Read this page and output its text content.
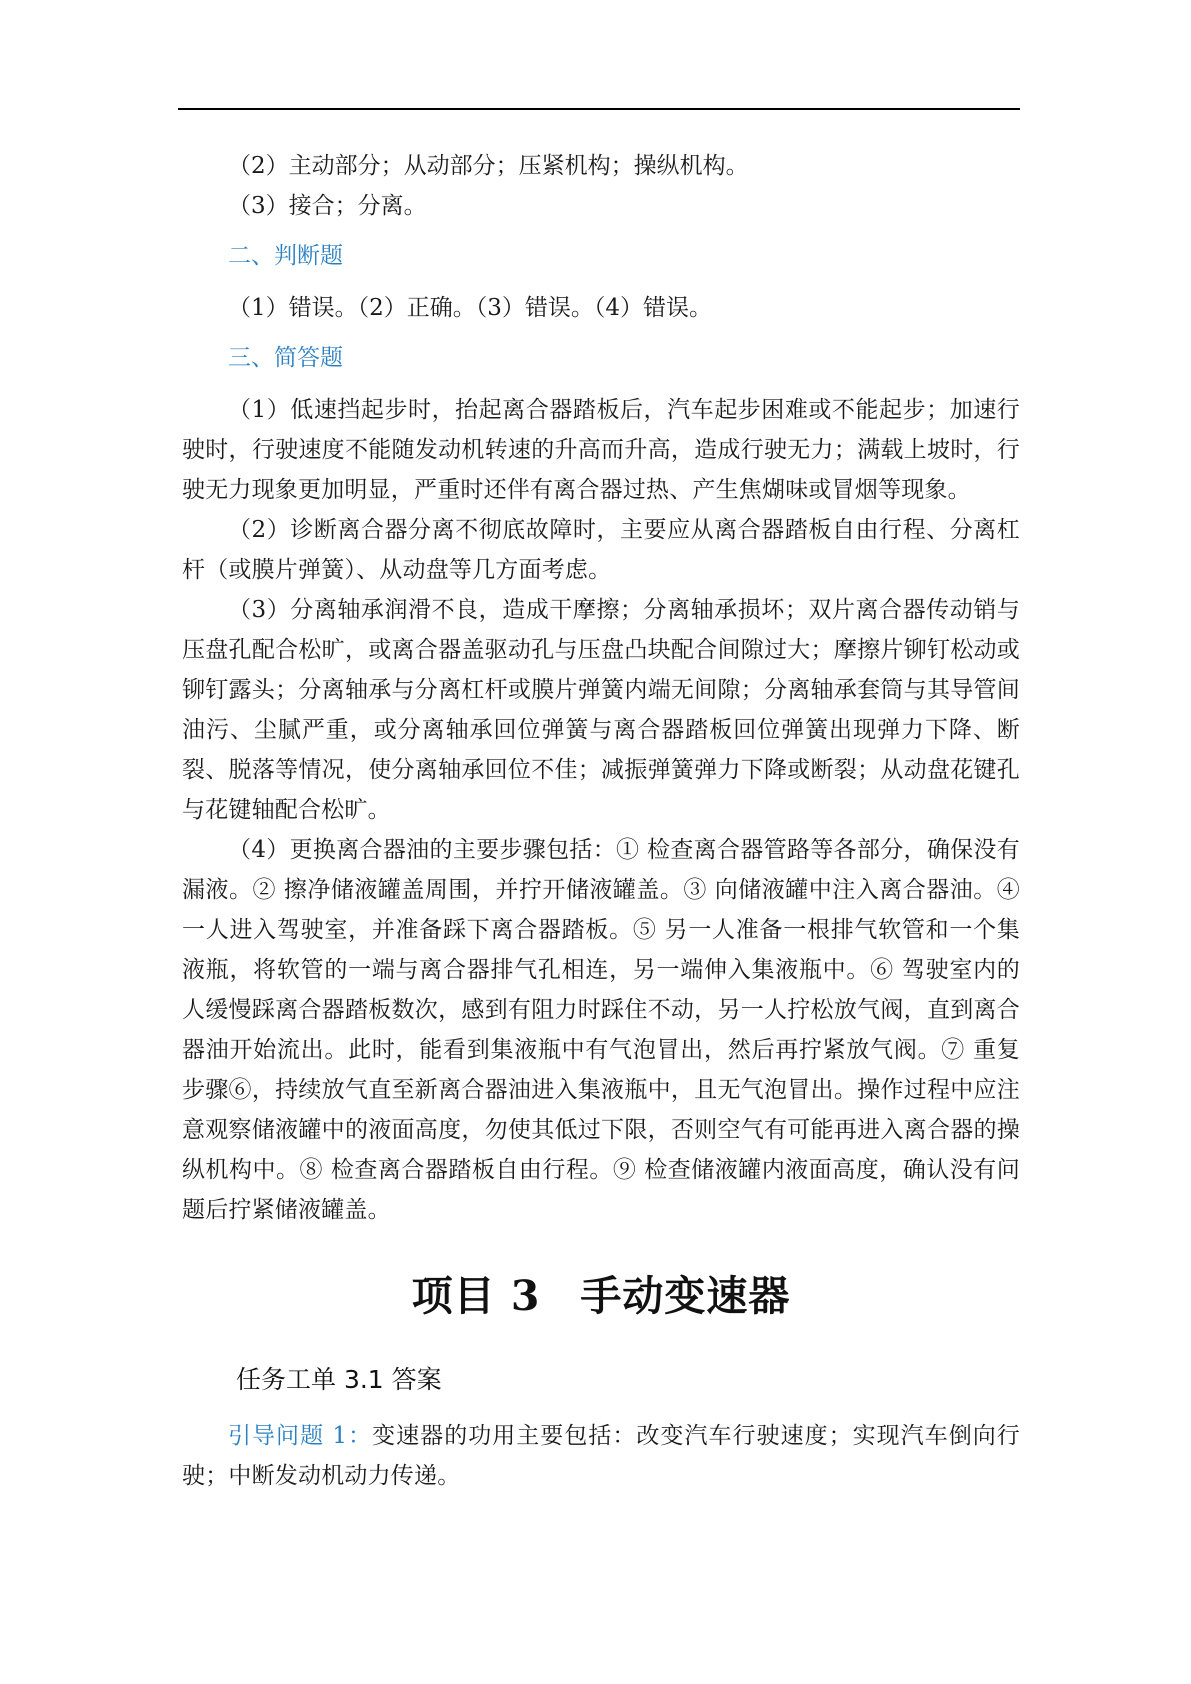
（2）主动部分；从动部分；压紧机构；操纵机构。

（3）接合；分离。

二、判断题

（1）错误。（2）正确。（3）错误。（4）错误。

三、简答题

（1）低速挡起步时，抬起离合器踏板后，汽车起步困难或不能起步；加速行驶时，行驶速度不能随发动机转速的升高而升高，造成行驶无力；满载上坡时，行驶无力现象更加明显，严重时还伴有离合器过热、产生焦煳味或冒烟等现象。

（2）诊断离合器分离不彻底故障时，主要应从离合器踏板自由行程、分离杠杆（或膜片弹簧）、从动盘等几方面考虑。

（3）分离轴承润滑不良，造成干摩擦；分离轴承损坏；双片离合器传动销与压盘孔配合松旷，或离合器盖驱动孔与压盘凸块配合间隙过大；摩擦片铆钉松动或铆钉露头；分离轴承与分离杠杆或膜片弹簧内端无间隙；分离轴承套筒与其导管间油污、尘腻严重，或分离轴承回位弹簧与离合器踏板回位弹簧出现弹力下降、断裂、脱落等情况，使分离轴承回位不佳；减振弹簧弹力下降或断裂；从动盘花键孔与花键轴配合松旷。

（4）更换离合器油的主要步骤包括：① 检查离合器管路等各部分，确保没有漏液。② 擦净储液罐盖周围，并拧开储液罐盖。③ 向储液罐中注入离合器油。④ 一人进入驾驶室，并准备踩下离合器踏板。⑤ 另一人准备一根排气软管和一个集液瓶，将软管的一端与离合器排气孔相连，另一端伸入集液瓶中。⑥ 驾驶室内的人缓慢踩离合器踏板数次，感到有阻力时踩住不动，另一人拧松放气阀，直到离合器油开始流出。此时，能看到集液瓶中有气泡冒出，然后再拧紧放气阀。⑦ 重复步骤⑥，持续放气直至新离合器油进入集液瓶中，且无气泡冒出。操作过程中应注意观察储液罐中的液面高度，勿使其低过下限，否则空气有可能再进入离合器的操纵机构中。⑧ 检查离合器踏板自由行程。⑨ 检查储液罐内液面高度，确认没有问题后拧紧储液罐盖。

项目 3 手动变速器
任务工单 3.1 答案

引导问题 1：变速器的功用主要包括：改变汽车行驶速度；实现汽车倒向行驶；中断发动机动力传递。
